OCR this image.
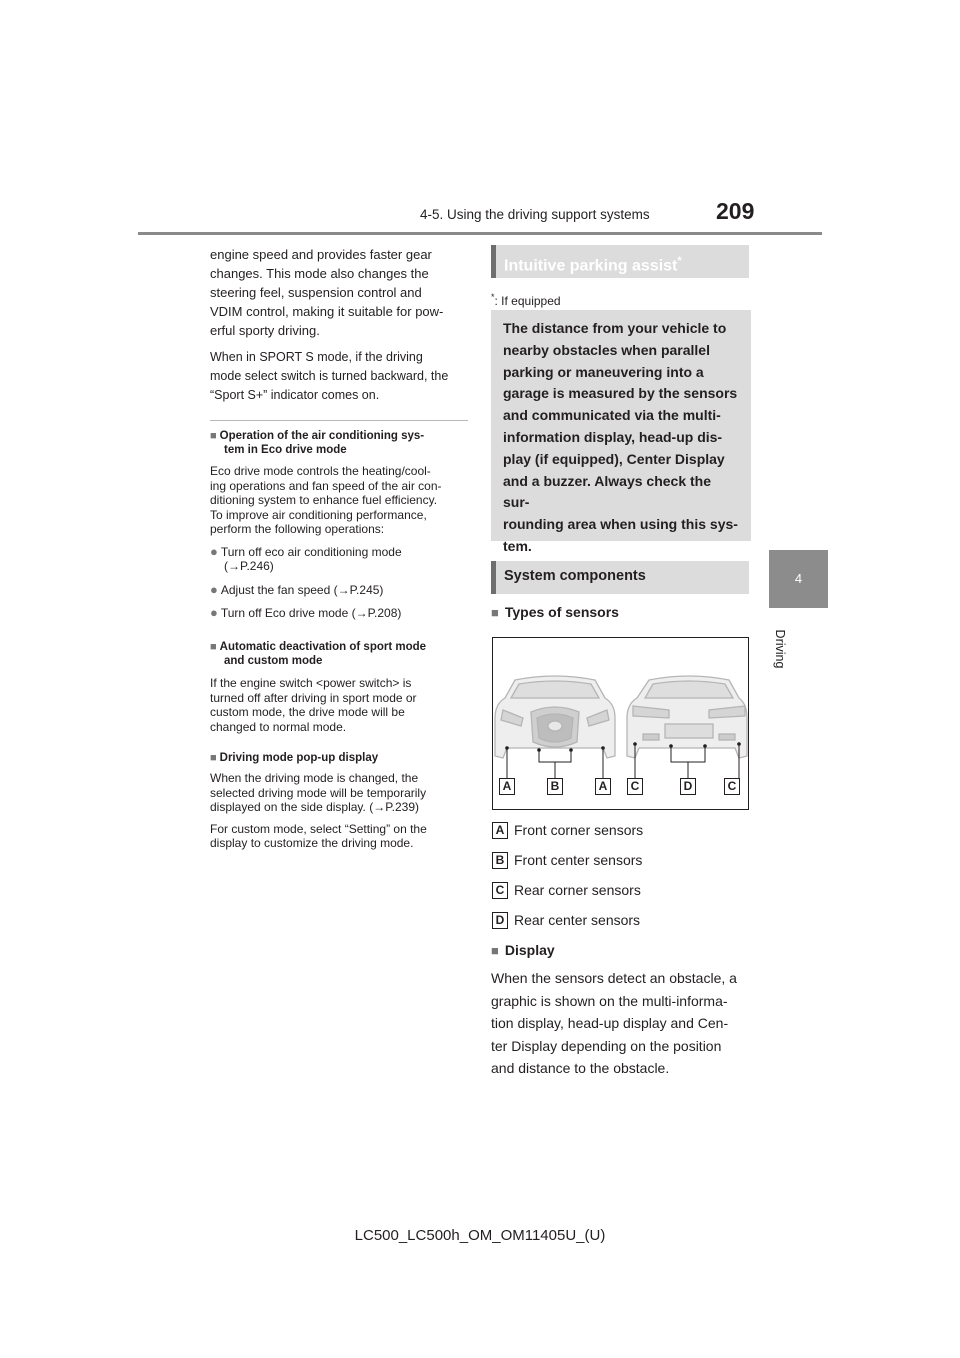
4-5. Using the driving support systems	209
4
Driving

engine speed and provides faster gear

changes. This mode also changes the

steering feel, suspension control and

VDIM control, making it suitable for pow-

erful sporty driving.

When in SPORT S mode, if the driving

mode select switch is turned backward, the

“Sport S+” indicator comes on.

■ Operation of the air conditioning sys-

tem in Eco drive mode

Eco drive mode controls the heating/cool-

ing operations and fan speed of the air con-

ditioning system to enhance fuel efficiency.

To improve air conditioning performance,

perform the following operations:

● Turn off eco air conditioning mode

(→P.246)

● Adjust the fan speed (→P.245)

● Turn off Eco drive mode (→P.208)

■ Automatic deactivation of sport mode

and custom mode

If the engine switch <power switch> is

turned off after driving in sport mode or

custom mode, the drive mode will be

changed to normal mode.

■ Driving mode pop-up display

When the driving mode is changed, the

selected driving mode will be temporarily

displayed on the side display. (→P.239)

For custom mode, select “Setting” on the

display to customize the driving mode.

Intuitive parking assist*
*: If equipped

The distance from your vehicle to

nearby obstacles when parallel

parking or maneuvering into a

garage is measured by the sensors

and communicated via the multi-

information display, head-up dis-

play (if equipped), Center Display

and a buzzer. Always check the sur-

rounding area when using this sys-

tem.

System components
■ Types of sensors
A	B	A	C	D	C
A Front corner sensors
B Front center sensors
C Rear corner sensors
D Rear center sensors
■ Display

When the sensors detect an obstacle, a

graphic is shown on the multi-informa-

tion display, head-up display and Cen-

ter Display depending on the position

and distance to the obstacle.

LC500_LC500h_OM_OM11405U_(U)
